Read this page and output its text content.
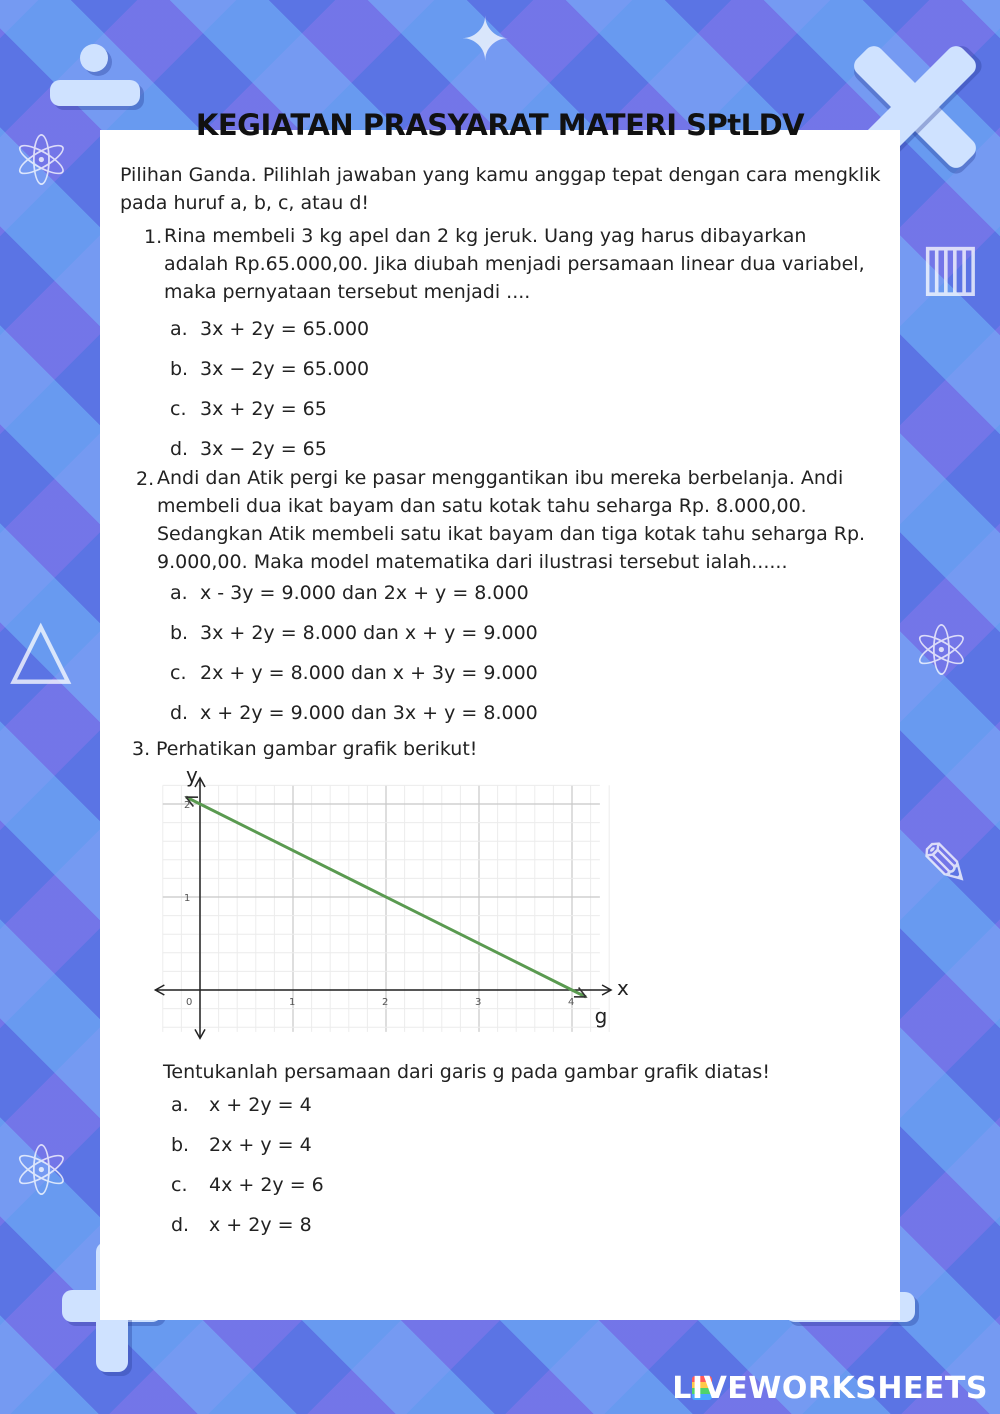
⚛
△	⚛
✎
⚛
✦
▥
KEGIATAN PRASYARAT MATERI SPtLDV
Pilihan Ganda. Pilihlah jawaban yang kamu anggap tepat dengan cara mengklik pada huruf a, b, c, atau d!
1. Rina membeli 3 kg apel dan 2 kg jeruk. Uang yag harus dibayarkan adalah Rp.65.000,00. Jika diubah menjadi persamaan linear dua variabel, maka pernyataan tersebut menjadi ....
a. 3x + 2y = 65.000
b. 3x − 2y = 65.000
c. 3x + 2y = 65
d. 3x − 2y = 65
2. Andi dan Atik pergi ke pasar menggantikan ibu mereka berbelanja. Andi membeli dua ikat bayam dan satu kotak tahu seharga Rp. 8.000,00. Sedangkan Atik membeli satu ikat bayam dan tiga kotak tahu seharga Rp. 9.000,00. Maka model matematika dari ilustrasi tersebut ialah......
a. x - 3y = 9.000 dan 2x + y = 8.000
b. 3x + 2y = 8.000 dan x + y = 9.000
c. 2x + y = 8.000 dan x + 3y = 9.000
d. x + 2y = 9.000 dan 3x + y = 8.000
3. Perhatikan gambar grafik berikut!
0	1	2	3	4
1
2
x
y
g
Tentukanlah persamaan dari garis g pada gambar grafik diatas!
a. x + 2y = 4
b. 2x + y = 4
c. 4x + 2y = 6
d. x + 2y = 8
LIVEWORKSHEETS
